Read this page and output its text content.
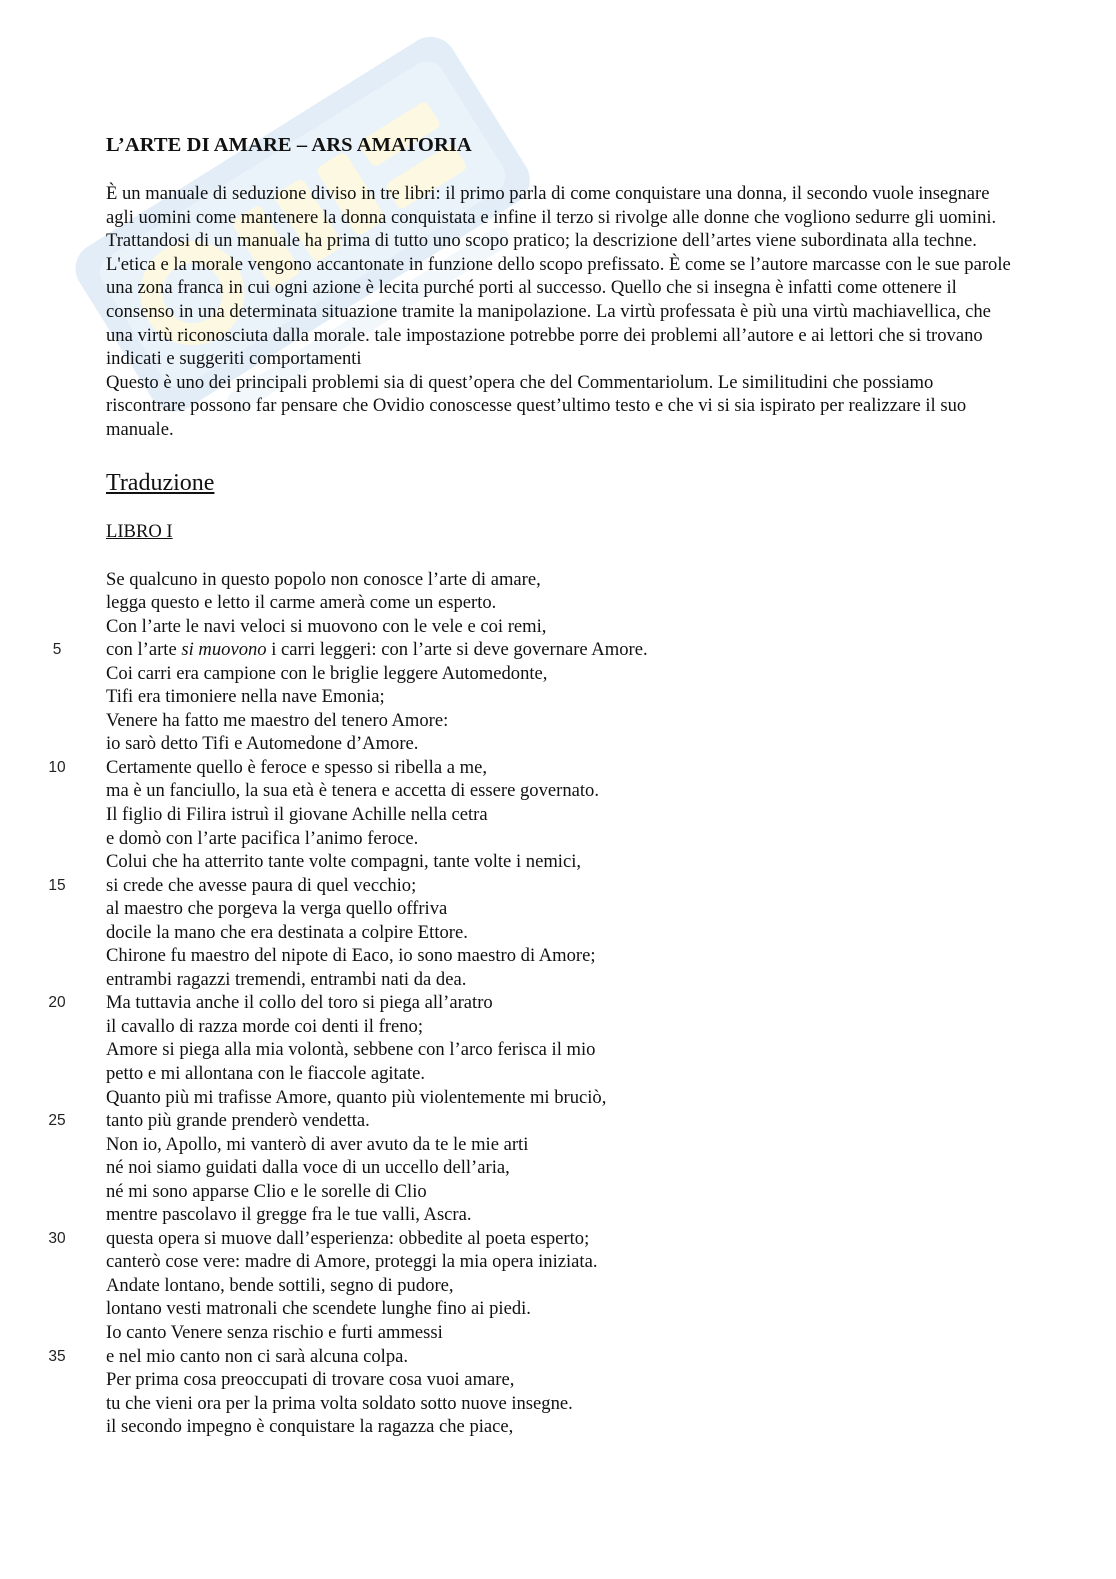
L’ARTE DI AMARE – ARS AMATORIA

È un manuale di seduzione diviso in tre libri: il primo parla di come conquistare una donna, il secondo vuole insegnare agli uomini come mantenere la donna conquistata e infine il terzo si rivolge alle donne che vogliono sedurre gli uomini.

Trattandosi di un manuale ha prima di tutto uno scopo pratico; la descrizione dell’artes viene subordinata alla techne. L'etica e la morale vengono accantonate in funzione dello scopo prefissato. È come se l’autore marcasse con le sue parole una zona franca in cui ogni azione è lecita purché porti al successo. Quello che si insegna è infatti come ottenere il consenso in una determinata situazione tramite la manipolazione. La virtù professata è più una virtù machiavellica, che una virtù riconosciuta dalla morale. tale impostazione potrebbe porre dei problemi all’autore e ai lettori che si trovano indicati e suggeriti comportamenti

Questo è uno dei principali problemi sia di quest’opera che del Commentariolum. Le similitudini che possiamo riscontrare possono far pensare che Ovidio conoscesse quest’ultimo testo e che vi si sia ispirato per realizzare il suo manuale.

Traduzione
LIBRO I
Se qualcuno in questo popolo non conosce l’arte di amare,
legga questo e letto il carme amerà come un esperto.
Con l’arte le navi veloci si muovono con le vele e coi remi,
5	con l’arte si muovono i carri leggeri: con l’arte si deve governare Amore.
Coi carri era campione con le briglie leggere Automedonte,
Tifi era timoniere nella nave Emonia;
Venere ha fatto me maestro del tenero Amore:
io sarò detto Tifi e Automedone d’Amore.
10 Certamente quello è feroce e spesso si ribella a me,
ma è un fanciullo, la sua età è tenera e accetta di essere governato.
Il figlio di Filira istruì il giovane Achille nella cetra
e domò con l’arte pacifica l’animo feroce.
Colui che ha atterrito tante volte compagni, tante volte i nemici,
15 si crede che avesse paura di quel vecchio;
al maestro che porgeva la verga quello offriva
docile la mano che era destinata a colpire Ettore.
Chirone fu maestro del nipote di Eaco, io sono maestro di Amore;
entrambi ragazzi tremendi, entrambi nati da dea.
20 Ma tuttavia anche il collo del toro si piega all’aratro
il cavallo di razza morde coi denti il freno;
Amore si piega alla mia volontà, sebbene con l’arco ferisca il mio
petto e mi allontana con le fiaccole agitate.
Quanto più mi trafisse Amore, quanto più violentemente mi bruciò,
25 tanto più grande prenderò vendetta.
Non io, Apollo, mi vanterò di aver avuto da te le mie arti
né noi siamo guidati dalla voce di un uccello dell’aria,
né mi sono apparse Clio e le sorelle di Clio
mentre pascolavo il gregge fra le tue valli, Ascra.
30 questa opera si muove dall’esperienza: obbedite al poeta esperto;
canterò cose vere: madre di Amore, proteggi la mia opera iniziata.
Andate lontano, bende sottili, segno di pudore,
lontano vesti matronali che scendete lunghe fino ai piedi.
Io canto Venere senza rischio e furti ammessi
35 e nel mio canto non ci sarà alcuna colpa.
Per prima cosa preoccupati di trovare cosa vuoi amare,
tu che vieni ora per la prima volta soldato sotto nuove insegne.
il secondo impegno è conquistare la ragazza che piace,
